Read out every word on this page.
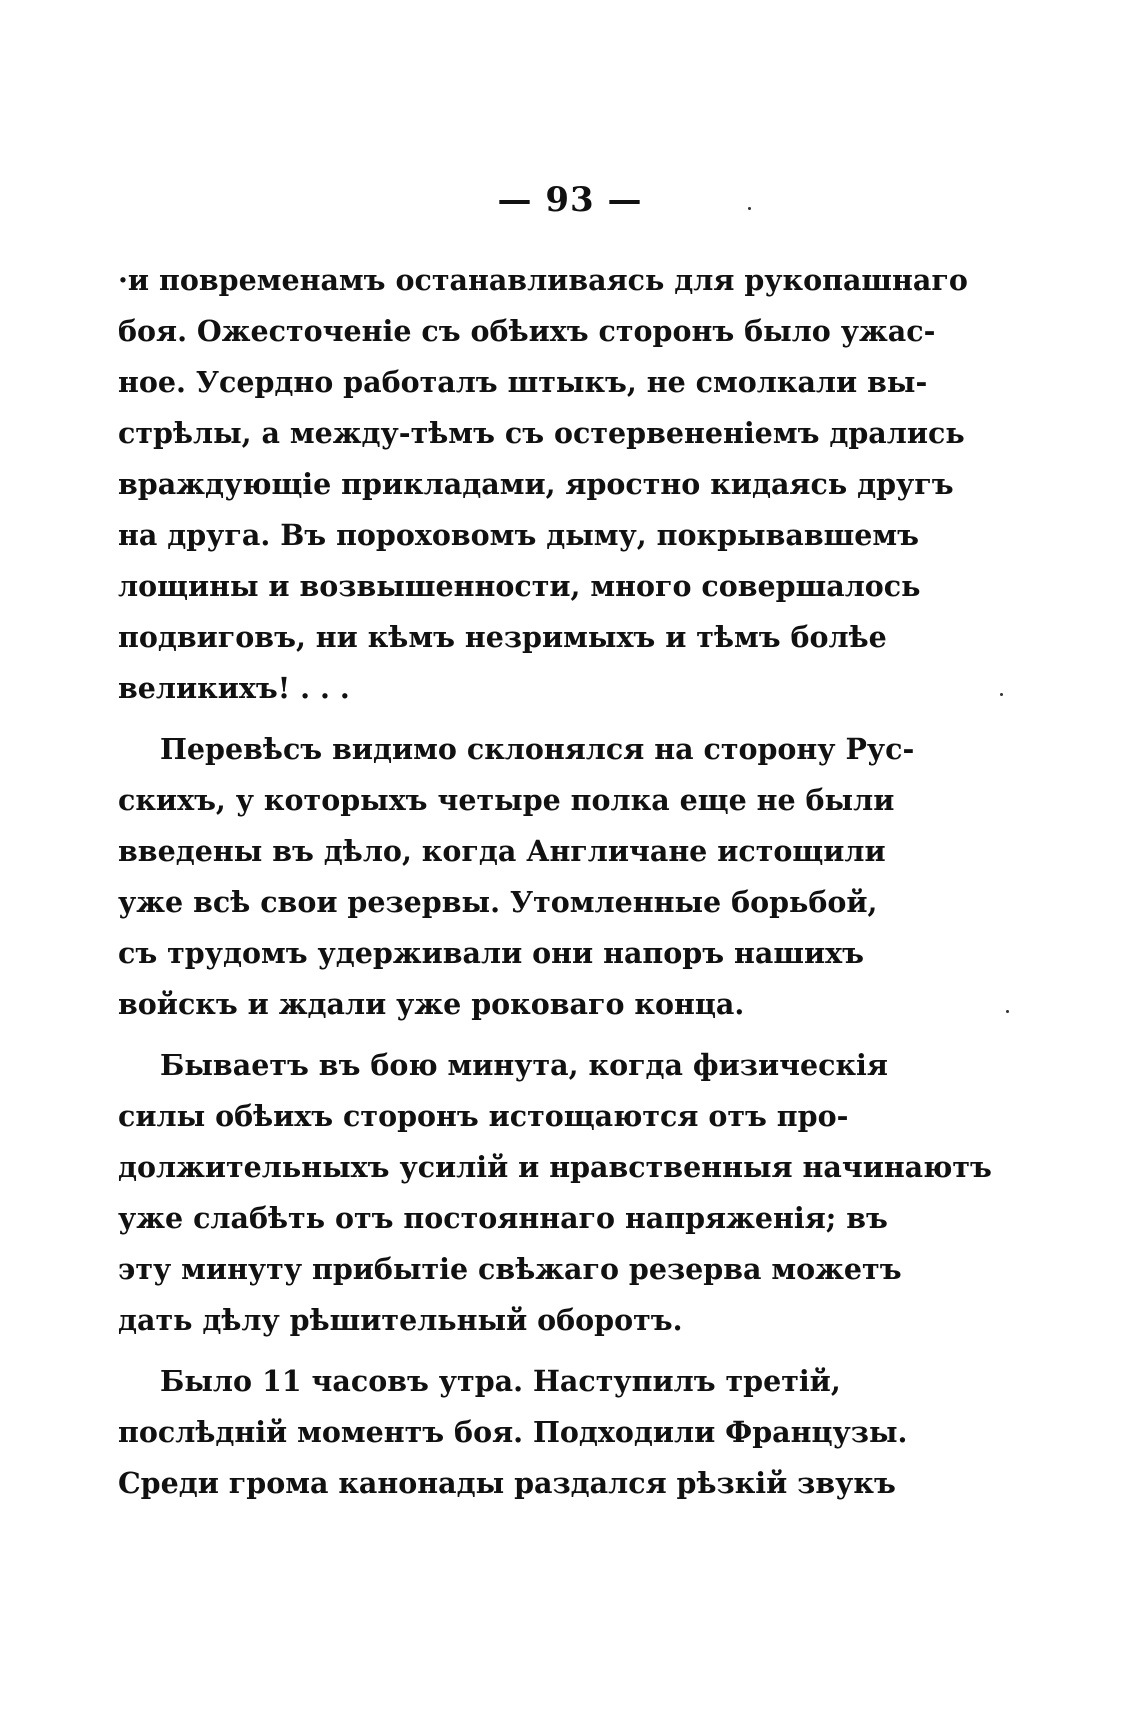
— 93 —
·и повременамъ останавливаясь для рукопашнаго
боя. Ожесточеніе съ обѣихъ сторонъ было ужас-
ное. Усердно работалъ штыкъ, не смолкали вы-
стрѣлы, а между-тѣмъ съ остервененіемъ дрались
враждующіе прикладами, яростно кидаясь другъ
на друга. Въ пороховомъ дыму, покрывавшемъ
лощины и возвышенности, много совершалось
подвиговъ, ни кѣмъ незримыхъ и тѣмъ болѣе
великихъ! . . .
Перевѣсъ видимо склонялся на сторону Рус-
скихъ, у которыхъ четыре полка еще не были
введены въ дѣло, когда Англичане истощили
уже всѣ свои резервы. Утомленные борьбой,
съ трудомъ удерживали они напоръ нашихъ
войскъ и ждали уже роковаго конца.
Бываетъ въ бою минута, когда физическія
силы обѣихъ сторонъ истощаются отъ про-
должительныхъ усилій и нравственныя начинаютъ
уже слабѣть отъ постояннаго напряженія; въ
эту минуту прибытіе свѣжаго резерва можетъ
дать дѣлу рѣшительный оборотъ.
Было 11 часовъ утра. Наступилъ третій,
послѣдній моментъ боя. Подходили Французы.
Среди грома канонады раздался рѣзкій звукъ
